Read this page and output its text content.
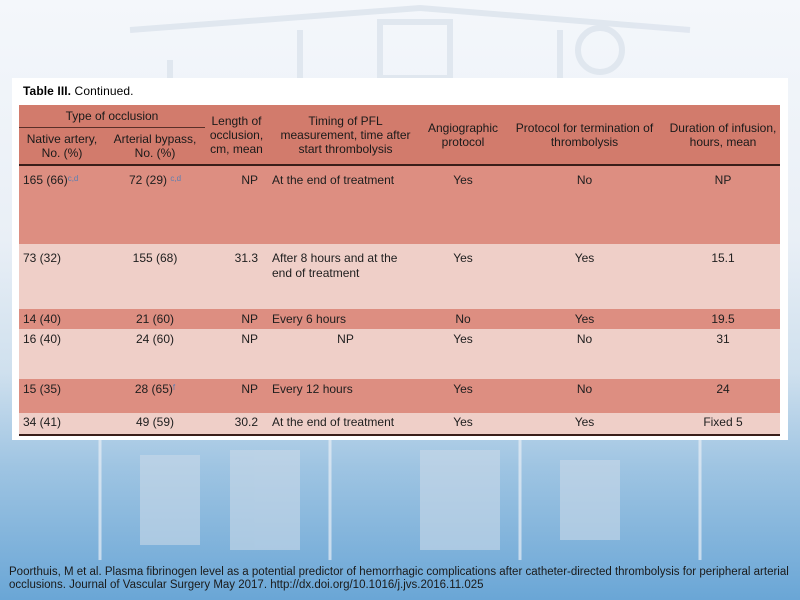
Table III. Continued.
Type of occlusion		Length of occlusion, cm, mean	Timing of PFL measurement, time after start thrombolysis	Angiographic protocol	Protocol for termination of thrombolysis	Duration of infusion, hours, mean
Native artery, No. (%)	Arterial bypass, No. (%)					
165 (66)$^{c,d}$	72 (29) $^{c,d}$	NP	At the end of treatment	Yes	No	NP
73 (32)	155 (68)	31.3	After 8 hours and at the end of treatment	Yes	Yes	15.1
14 (40)	21 (60)	NP	Every 6 hours	No	Yes	19.5
16 (40)	24 (60)	NP	NP	Yes	No	31
15 (35)	28 (65)$^f$	NP	Every 12 hours	Yes	No	24
34 (41)	49 (59)	30.2	At the end of treatment	Yes	Yes	Fixed 5
Poorthuis, M et al. Plasma fibrinogen level as a potential predictor of hemorrhagic complications after catheter-directed thrombolysis for peripheral arterial occlusions. Journal of Vascular Surgery May 2017. http://dx.doi.org/10.1016/j.jvs.2016.11.025
